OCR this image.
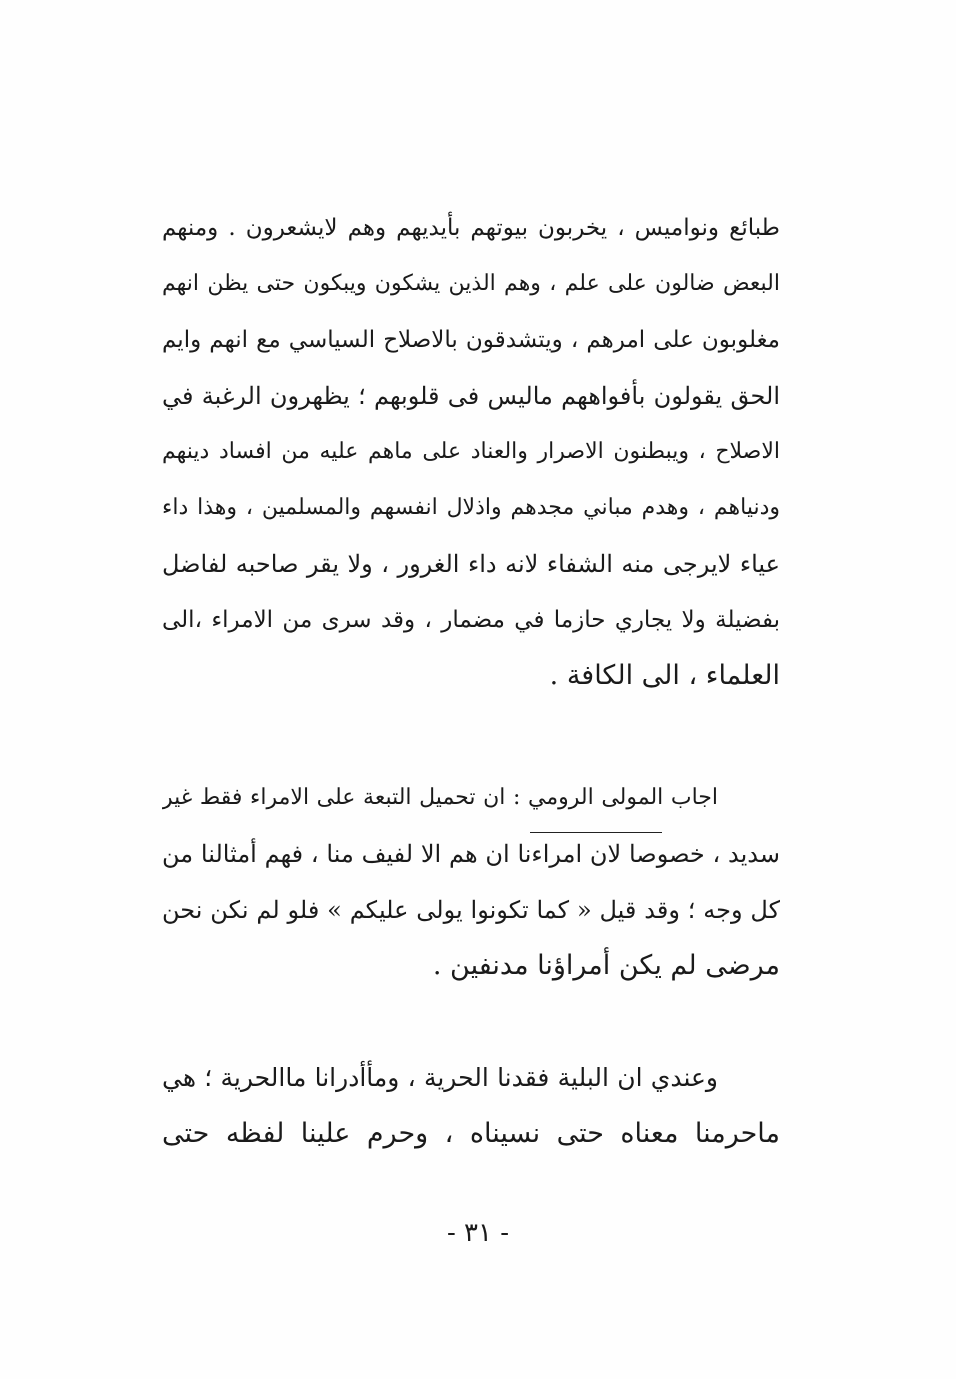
طبائع ونواميس ، يخربون بيوتهم بأيديهم وهم لايشعرون . ومنهم
البعض ضالون على علم ، وهم الذين يشكون ويبكون حتى يظن انهم
مغلوبون على امرهم ، ويتشدقون بالاصلاح السياسي مع انهم وايم
الحق يقولون بأفواههم ماليس فى قلوبهم ؛ يظهرون الرغبة في
الاصلاح ، ويبطنون الاصرار والعناد على ماهم عليه من افساد دينهم
ودنياهم ، وهدم مباني مجدهم واذلال انفسهم والمسلمين ، وهذا داء
عياء لايرجى منه الشفاء لانه داء الغرور ، ولا يقر صاحبه لفاضل
بفضيلة ولا يجاري حازما في مضمار ، وقد سرى من الامراء ،الى
العلماء ، الى الكافة .
اجاب المولى الرومي : ان تحميل التبعة على الامراء فقط غير
سديد ، خصوصا لان امراءنا ان هم الا لفيف منا ، فهم أمثالنا من
كل وجه ؛ وقد قيل « كما تكونوا يولى عليكم » فلو لم نكن نحن
مرضى لم يكن أمراؤنا مدنفين .
وعندي ان البلية فقدنا الحرية ، ومأأدرانا ماالحرية ؛ هي
ماحرمنا معناه حتى نسيناه ، وحرم علينا لفظه حتى
- ٣١ -
